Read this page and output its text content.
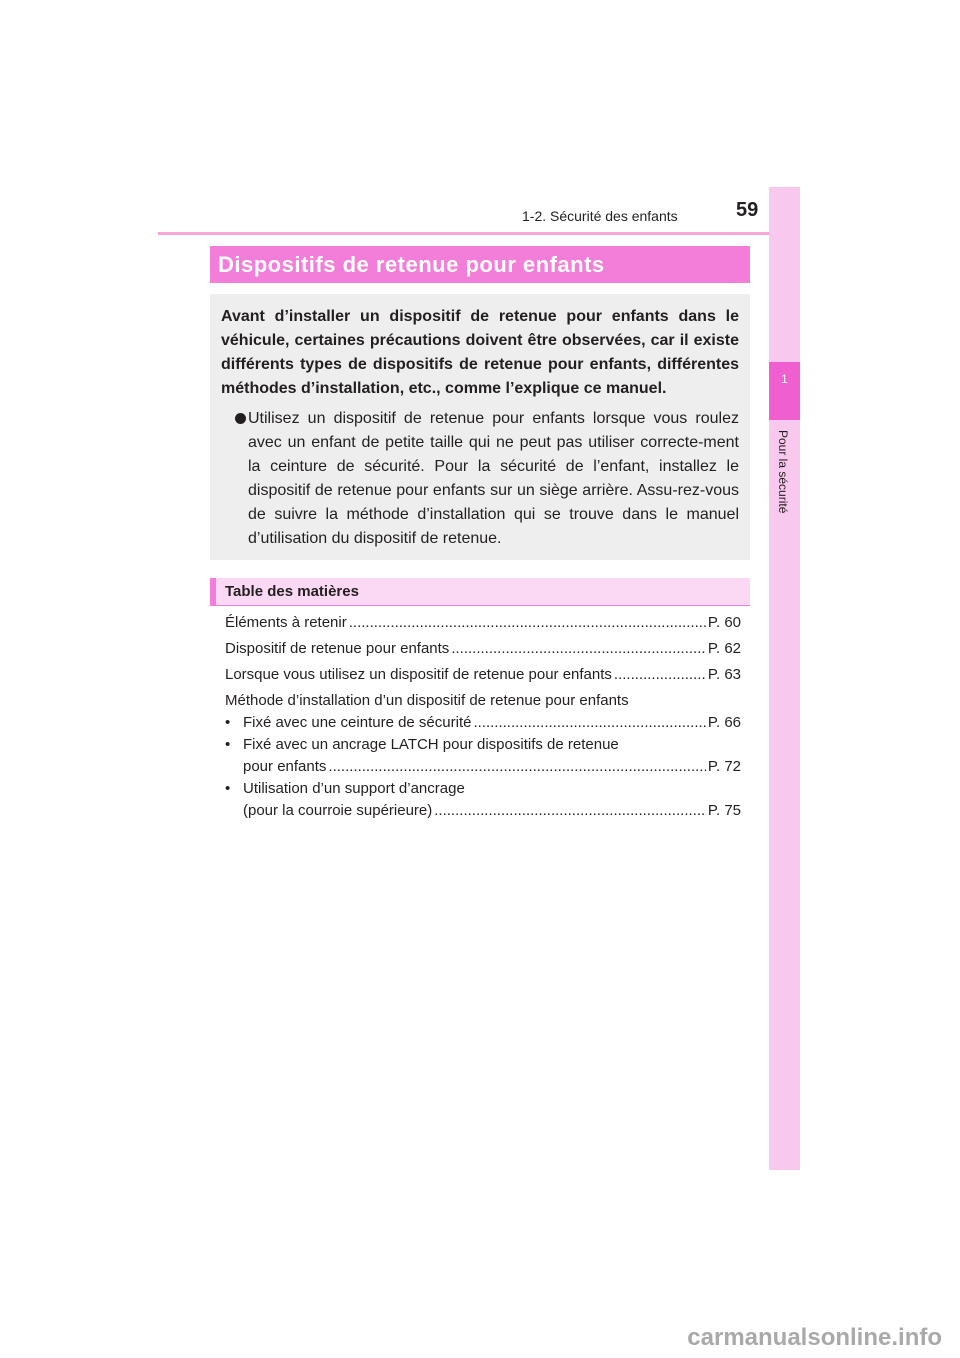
1-2. Sécurité des enfants	59
1
Pour la sécurité
Dispositifs de retenue pour enfants

Avant d’installer un dispositif de retenue pour enfants dans le véhicule, certaines précautions doivent être observées, car il existe différents types de dispositifs de retenue pour enfants, différentes méthodes d’installation, etc., comme l’explique ce manuel.

Utilisez un dispositif de retenue pour enfants lorsque vous roulez avec un enfant de petite taille qui ne peut pas utiliser correcte-ment la ceinture de sécurité. Pour la sécurité de l’enfant, installez le dispositif de retenue pour enfants sur un siège arrière. Assu-rez-vous de suivre la méthode d’installation qui se trouve dans le manuel d’utilisation du dispositif de retenue.

Table des matières
Éléments à retenir .....	P. 60
Dispositif de retenue pour enfants .....	P. 62
Lorsque vous utilisez un dispositif de retenue pour enfants .....	P. 63
Méthode d’installation d’un dispositif de retenue pour enfants
• Fixé avec une ceinture de sécurité .....	P. 66
• Fixé avec un ancrage LATCH pour dispositifs de retenue
pour enfants .....	P. 72
• Utilisation d’un support d’ancrage
(pour la courroie supérieure) .....	P. 75
carmanualsonline.info
